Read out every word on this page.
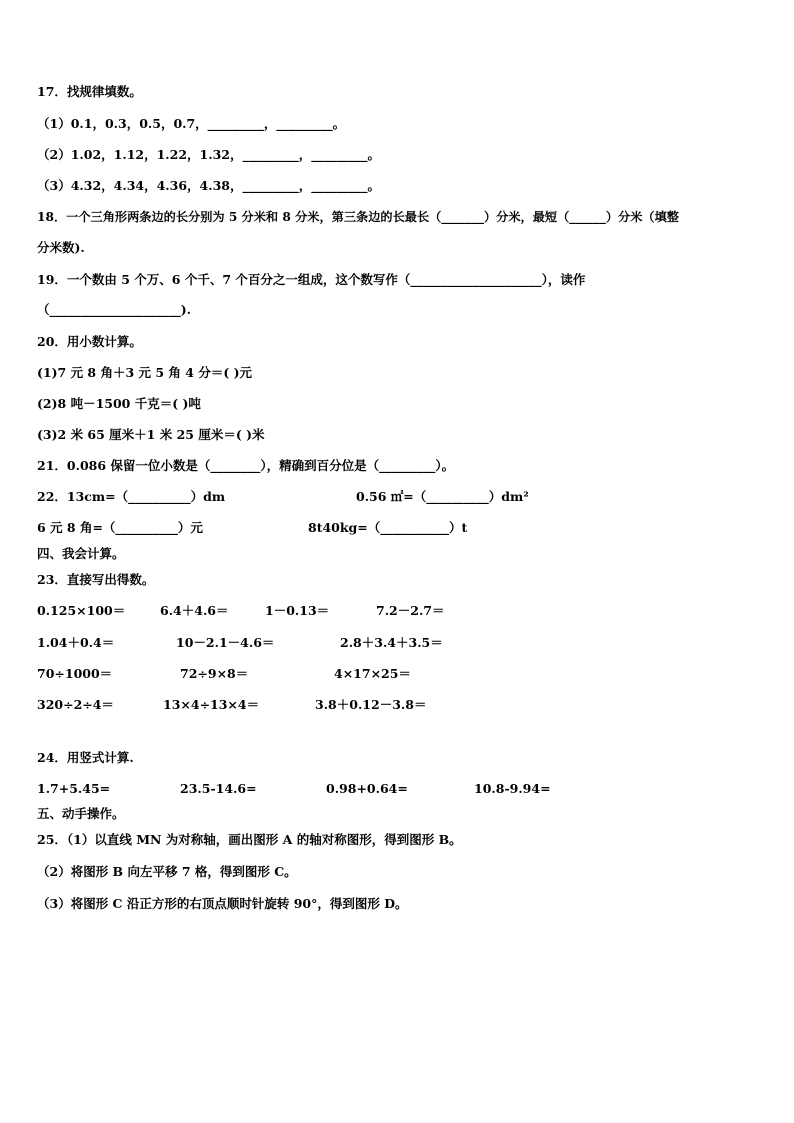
17．找规律填数。
（1）0.1，0.3，0.5，0.7，_________，_________。
（2）1.02，1.12，1.22，1.32，_________，_________。
（3）4.32，4.34，4.36，4.38，_________，_________。
18．一个三角形两条边的长分别为 5 分米和 8 分米，第三条边的长最长（_______）分米，最短（______）分米（填整
分米数).
19．一个数由 5 个万、6 个千、7 个百分之一组成，这个数写作（_____________________），读作
（_____________________).
20．用小数计算。
(1)7 元 8 角＋3 元 5 角 4 分＝( )元
(2)8 吨－1500 千克＝( )吨
(3)2 米 65 厘米＋1 米 25 厘米＝( )米
21．0.086 保留一位小数是（________），精确到百分位是（_________）。
22．13cm=（__________）dm	0.56 ㎡=（__________）dm²
6 元 8 角=（__________）元	8t40kg=（___________）t
四、我会计算。
23．直接写出得数。
0.125×100＝	6.4＋4.6＝	1－0.13＝	7.2－2.7＝
1.04＋0.4＝	10－2.1－4.6＝	2.8＋3.4＋3.5＝
70÷1000＝	72÷9×8＝	4×17×25＝
320÷2÷4＝	13×4÷13×4＝	3.8＋0.12－3.8＝
24．用竖式计算.
1.7+5.45=	23.5-14.6=	0.98+0.64=	10.8-9.94=
五、动手操作。
25．（1）以直线 MN 为对称轴，画出图形 A 的轴对称图形，得到图形 B。
（2）将图形 B 向左平移 7 格，得到图形 C。
（3）将图形 C 沿正方形的右顶点顺时针旋转 90°，得到图形 D。
